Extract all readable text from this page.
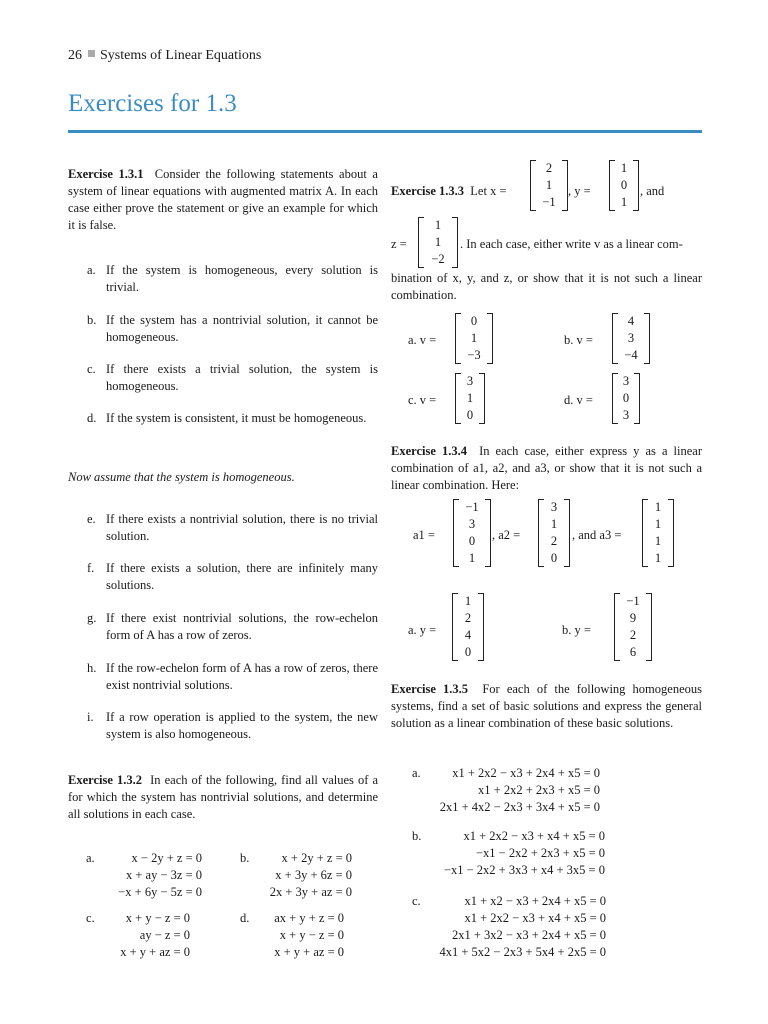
26 Systems of Linear Equations
Exercises for 1.3
Exercise 1.3.1 Consider the following statements about a system of linear equations with augmented matrix A. In each case either prove the statement or give an example for which it is false.
a. If the system is homogeneous, every solution is trivial.
b. If the system has a nontrivial solution, it cannot be homogeneous.
c. If there exists a trivial solution, the system is homogeneous.
d. If the system is consistent, it must be homogeneous.
Now assume that the system is homogeneous.
e. If there exists a nontrivial solution, there is no trivial solution.
f. If there exists a solution, there are infinitely many solutions.
g. If there exist nontrivial solutions, the row-echelon form of A has a row of zeros.
h. If the row-echelon form of A has a row of zeros, there exist nontrivial solutions.
i. If a row operation is applied to the system, the new system is also homogeneous.
Exercise 1.3.2 In each of the following, find all values of a for which the system has nontrivial solutions, and determine all solutions in each case.
a.	x − 2y + z = 0
x + ay − 3z = 0
−x + 6y − 5z = 0
b.	x + 2y + z = 0
x + 3y + 6z = 0
2x + 3y + az = 0
c.	x + y − z = 0
ay − z = 0
x + y + az = 0
d.	ax + y + z = 0
x + y − z = 0
x + y + az = 0
Exercise 1.3.3 Let x =
2
1
−1
, y =
1
0
1
, and
z =
1
1
−2
. In each case, either write v as a linear com-
bination of x, y, and z, or show that it is not such a linear combination.
a. v =
0
1
−3
b. v =
4
3
−4
c. v =
3
1
0
d. v =
3
0
3
Exercise 1.3.4 In each case, either express y as a linear combination of a1, a2, and a3, or show that it is not such a linear combination. Here:
a1 =
−1
3
0
1
, a2 =
3
1
2
0
, and a3 =
1
1
1
1
a. y =
1
2
4
0
b. y =
−1
9
2
6
Exercise 1.3.5 For each of the following homogeneous systems, find a set of basic solutions and express the general solution as a linear combination of these basic solutions.
a.	x1 + 2x2 − x3 + 2x4 + x5 = 0
x1 + 2x2 + 2x3 + x5 = 0
2x1 + 4x2 − 2x3 + 3x4 + x5 = 0
b.	x1 + 2x2 − x3 + x4 + x5 = 0
−x1 − 2x2 + 2x3 + x5 = 0
−x1 − 2x2 + 3x3 + x4 + 3x5 = 0
c.	x1 + x2 − x3 + 2x4 + x5 = 0
x1 + 2x2 − x3 + x4 + x5 = 0
2x1 + 3x2 − x3 + 2x4 + x5 = 0
4x1 + 5x2 − 2x3 + 5x4 + 2x5 = 0
